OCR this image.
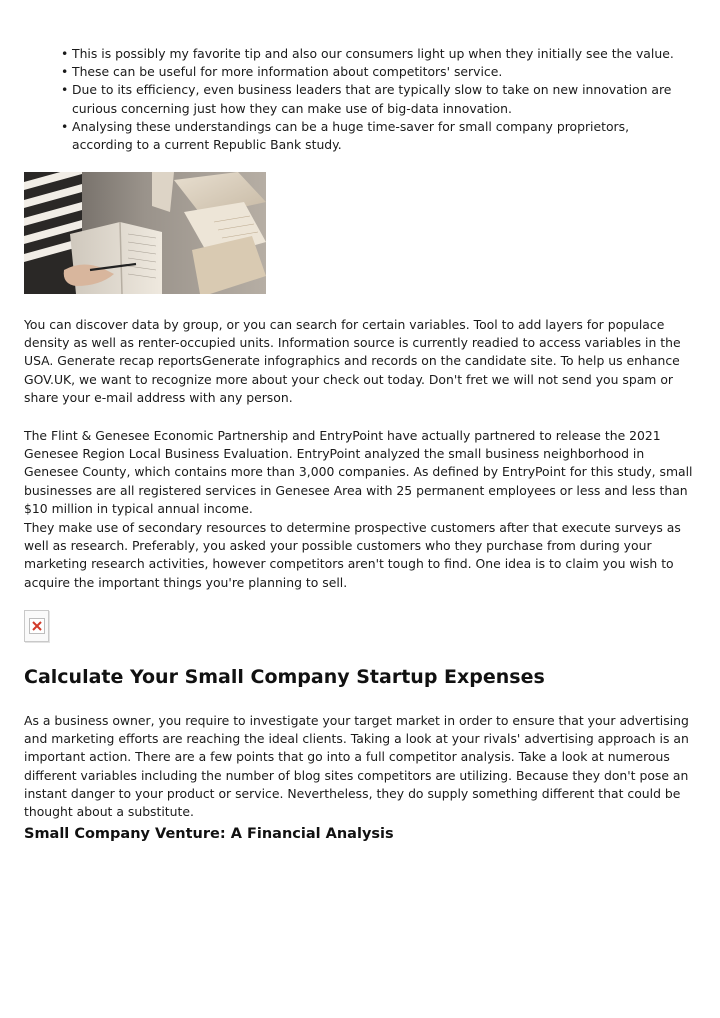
• This is possibly my favorite tip and also our consumers light up when they initially see the value.
• These can be useful for more information about competitors' service.
• Due to its efficiency, even business leaders that are typically slow to take on new innovation are curious concerning just how they can make use of big-data innovation.
• Analysing these understandings can be a huge time-saver for small company proprietors, according to a current Republic Bank study.

You can discover data by group, or you can search for certain variables. Tool to add layers for populace density as well as renter-occupied units. Information source is currently readied to access variables in the USA. Generate recap reportsGenerate infographics and records on the candidate site. To help us enhance GOV.UK, we want to recognize more about your check out today. Don't fret we will not send you spam or share your e-mail address with any person.

The Flint & Genesee Economic Partnership and EntryPoint have actually partnered to release the 2021 Genesee Region Local Business Evaluation. EntryPoint analyzed the small business neighborhood in Genesee County, which contains more than 3,000 companies. As defined by EntryPoint for this study, small businesses are all registered services in Genesee Area with 25 permanent employees or less and less than $10 million in typical annual income.

They make use of secondary resources to determine prospective customers after that execute surveys as well as research. Preferably, you asked your possible customers who they purchase from during your marketing research activities, however competitors aren't tough to find. One idea is to claim you wish to acquire the important things you're planning to sell.

Calculate Your Small Company Startup Expenses

As a business owner, you require to investigate your target market in order to ensure that your advertising and marketing efforts are reaching the ideal clients. Taking a look at your rivals' advertising approach is an important action. There are a few points that go into a full competitor analysis. Take a look at numerous different variables including the number of blog sites competitors are utilizing. Because they don't pose an instant danger to your product or service. Nevertheless, they do supply something different that could be thought about a substitute.

Small Company Venture: A Financial Analysis
